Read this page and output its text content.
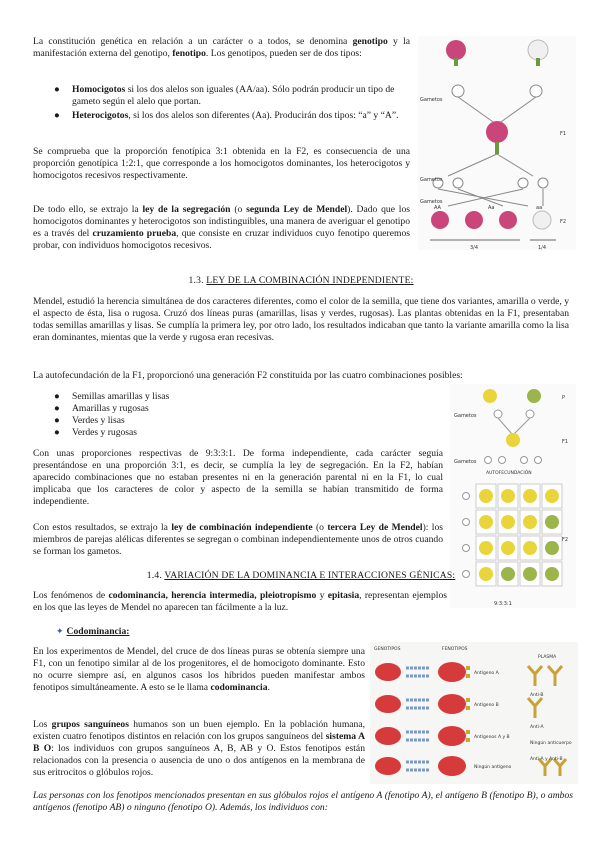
La constitución genética en relación a un carácter o a todos, se denomina genotipo y la manifestación externa del genotipo, fenotipo. Los genotipos, pueden ser de dos tipos:

● Homocigotos si los dos alelos son iguales (AA/aa). Sólo podrán producir un tipo de gameto según el alelo que portan.
● Heterocigotos, si los dos alelos son diferentes (Aa). Producirán dos tipos: “a” y “A”.

Se comprueba que la proporción fenotípica 3:1 obtenida en la F2, es consecuencia de una proporción genotípica 1:2:1, que corresponde a los homocigotos dominantes, los heterocigotos y homocigotos recesivos respectivamente.

De todo ello, se extrajo la ley de la segregación (o segunda Ley de Mendel). Dado que los homocigotos dominantes y heterocigotos son indistinguibles, una manera de averiguar el genotipo es a través del cruzamiento prueba, que consiste en cruzar individuos cuyo fenotipo queremos probar, con individuos homocigotos recesivos.

Gametos
F1
Gametos
Gametos
F2
AA	Aa	aa
3/4	1/4
1.3. LEY DE LA COMBINACIÓN INDEPENDIENTE:

Mendel, estudió la herencia simultánea de dos caracteres diferentes, como el color de la semilla, que tiene dos variantes, amarilla o verde, y el aspecto de ésta, lisa o rugosa. Cruzó dos líneas puras (amarillas, lisas y verdes, rugosas). Las plantas obtenidas en la F1, presentaban todas semillas amarillas y lisas. Se cumplía la primera ley, por otro lado, los resultados indicaban que tanto la variante amarilla como la lisa eran dominantes, mientas que la verde y rugosa eran recesivas.

La autofecundación de la F1, proporcionó una generación F2 constituida por las cuatro combinaciones posibles:

● Semillas amarillas y lisas
● Amarillas y rugosas
● Verdes y lisas
● Verdes y rugosas
P
Gametos
F1
Gametos
AUTOFECUNDACIÓN
F2
9:3:3:1

Con unas proporciones respectivas de 9:3:3:1. De forma independiente, cada carácter seguía presentándose en una proporción 3:1, es decir, se cumplía la ley de segregación. En la F2, habían aparecido combinaciones que no estaban presentes ni en la generación parental ni en la F1, lo cual implicaba que los caracteres de color y aspecto de la semilla se habían transmitido de forma independiente.

Con estos resultados, se extrajo la ley de combinación independiente (o tercera Ley de Mendel): los miembros de parejas alélicas diferentes se segregan o combinan independientemente unos de otros cuando se forman los gametos.

1.4. VARIACIÓN DE LA DOMINANCIA E INTERACCIONES GÉNICAS:

Los fenómenos de codominancia, herencia intermedia, pleiotropismo y epitasia, representan ejemplos en los que las leyes de Mendel no aparecen tan fácilmente a la luz.

✦ Codominancia:

En los experimentos de Mendel, del cruce de dos líneas puras se obtenía siempre una F1, con un fenotipo similar al de los progenitores, el de homocigoto dominante. Esto no ocurre siempre así, en algunos casos los híbridos pueden manifestar ambos fenotipos simultáneamente. A esto se le llama codominancia.

Los grupos sanguíneos humanos son un buen ejemplo. En la población humana, existen cuatro fenotipos distintos en relación con los grupos sanguíneos del sistema A B O: los individuos con grupos sanguíneos A, B, AB y O. Estos fenotipos están relacionados con la presencia o ausencia de uno o dos antígenos en la membrana de sus eritrocitos o glóbulos rojos.

GENOTIPOS	FENOTIPOS
PLASMA
Antígeno A
Antígeno B
Anti-B
Anti-A
Ningún antígeno
Antígenos A y B
Anti-A y Anti-B
Ningún anticuerpo

Las personas con los fenotipos mencionados presentan en sus glóbulos rojos el antígeno A (fenotipo A), el antígeno B (fenotipo B), o ambos antígenos (fenotipo AB) o ninguno (fenotipo O). Además, los individuos con:
